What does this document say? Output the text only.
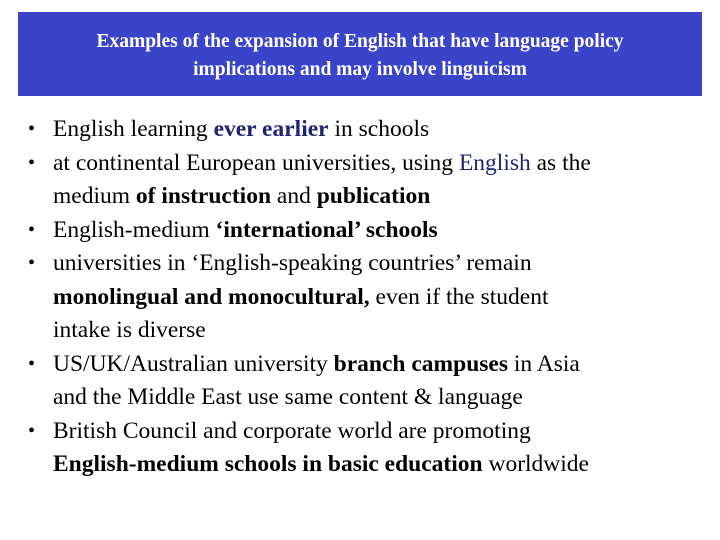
Examples of the expansion of English that have language policy
implications and may involve linguicism
• English learning ever earlier in schools
• at continental European universities, using English as the
medium of instruction and publication
• English-medium ‘international’ schools
• universities in ‘English-speaking countries’ remain
monolingual and monocultural, even if the student
intake is diverse
• US/UK/Australian university branch campuses in Asia
and the Middle East use same content & language
• British Council and corporate world are promoting
English-medium schools in basic education worldwide
